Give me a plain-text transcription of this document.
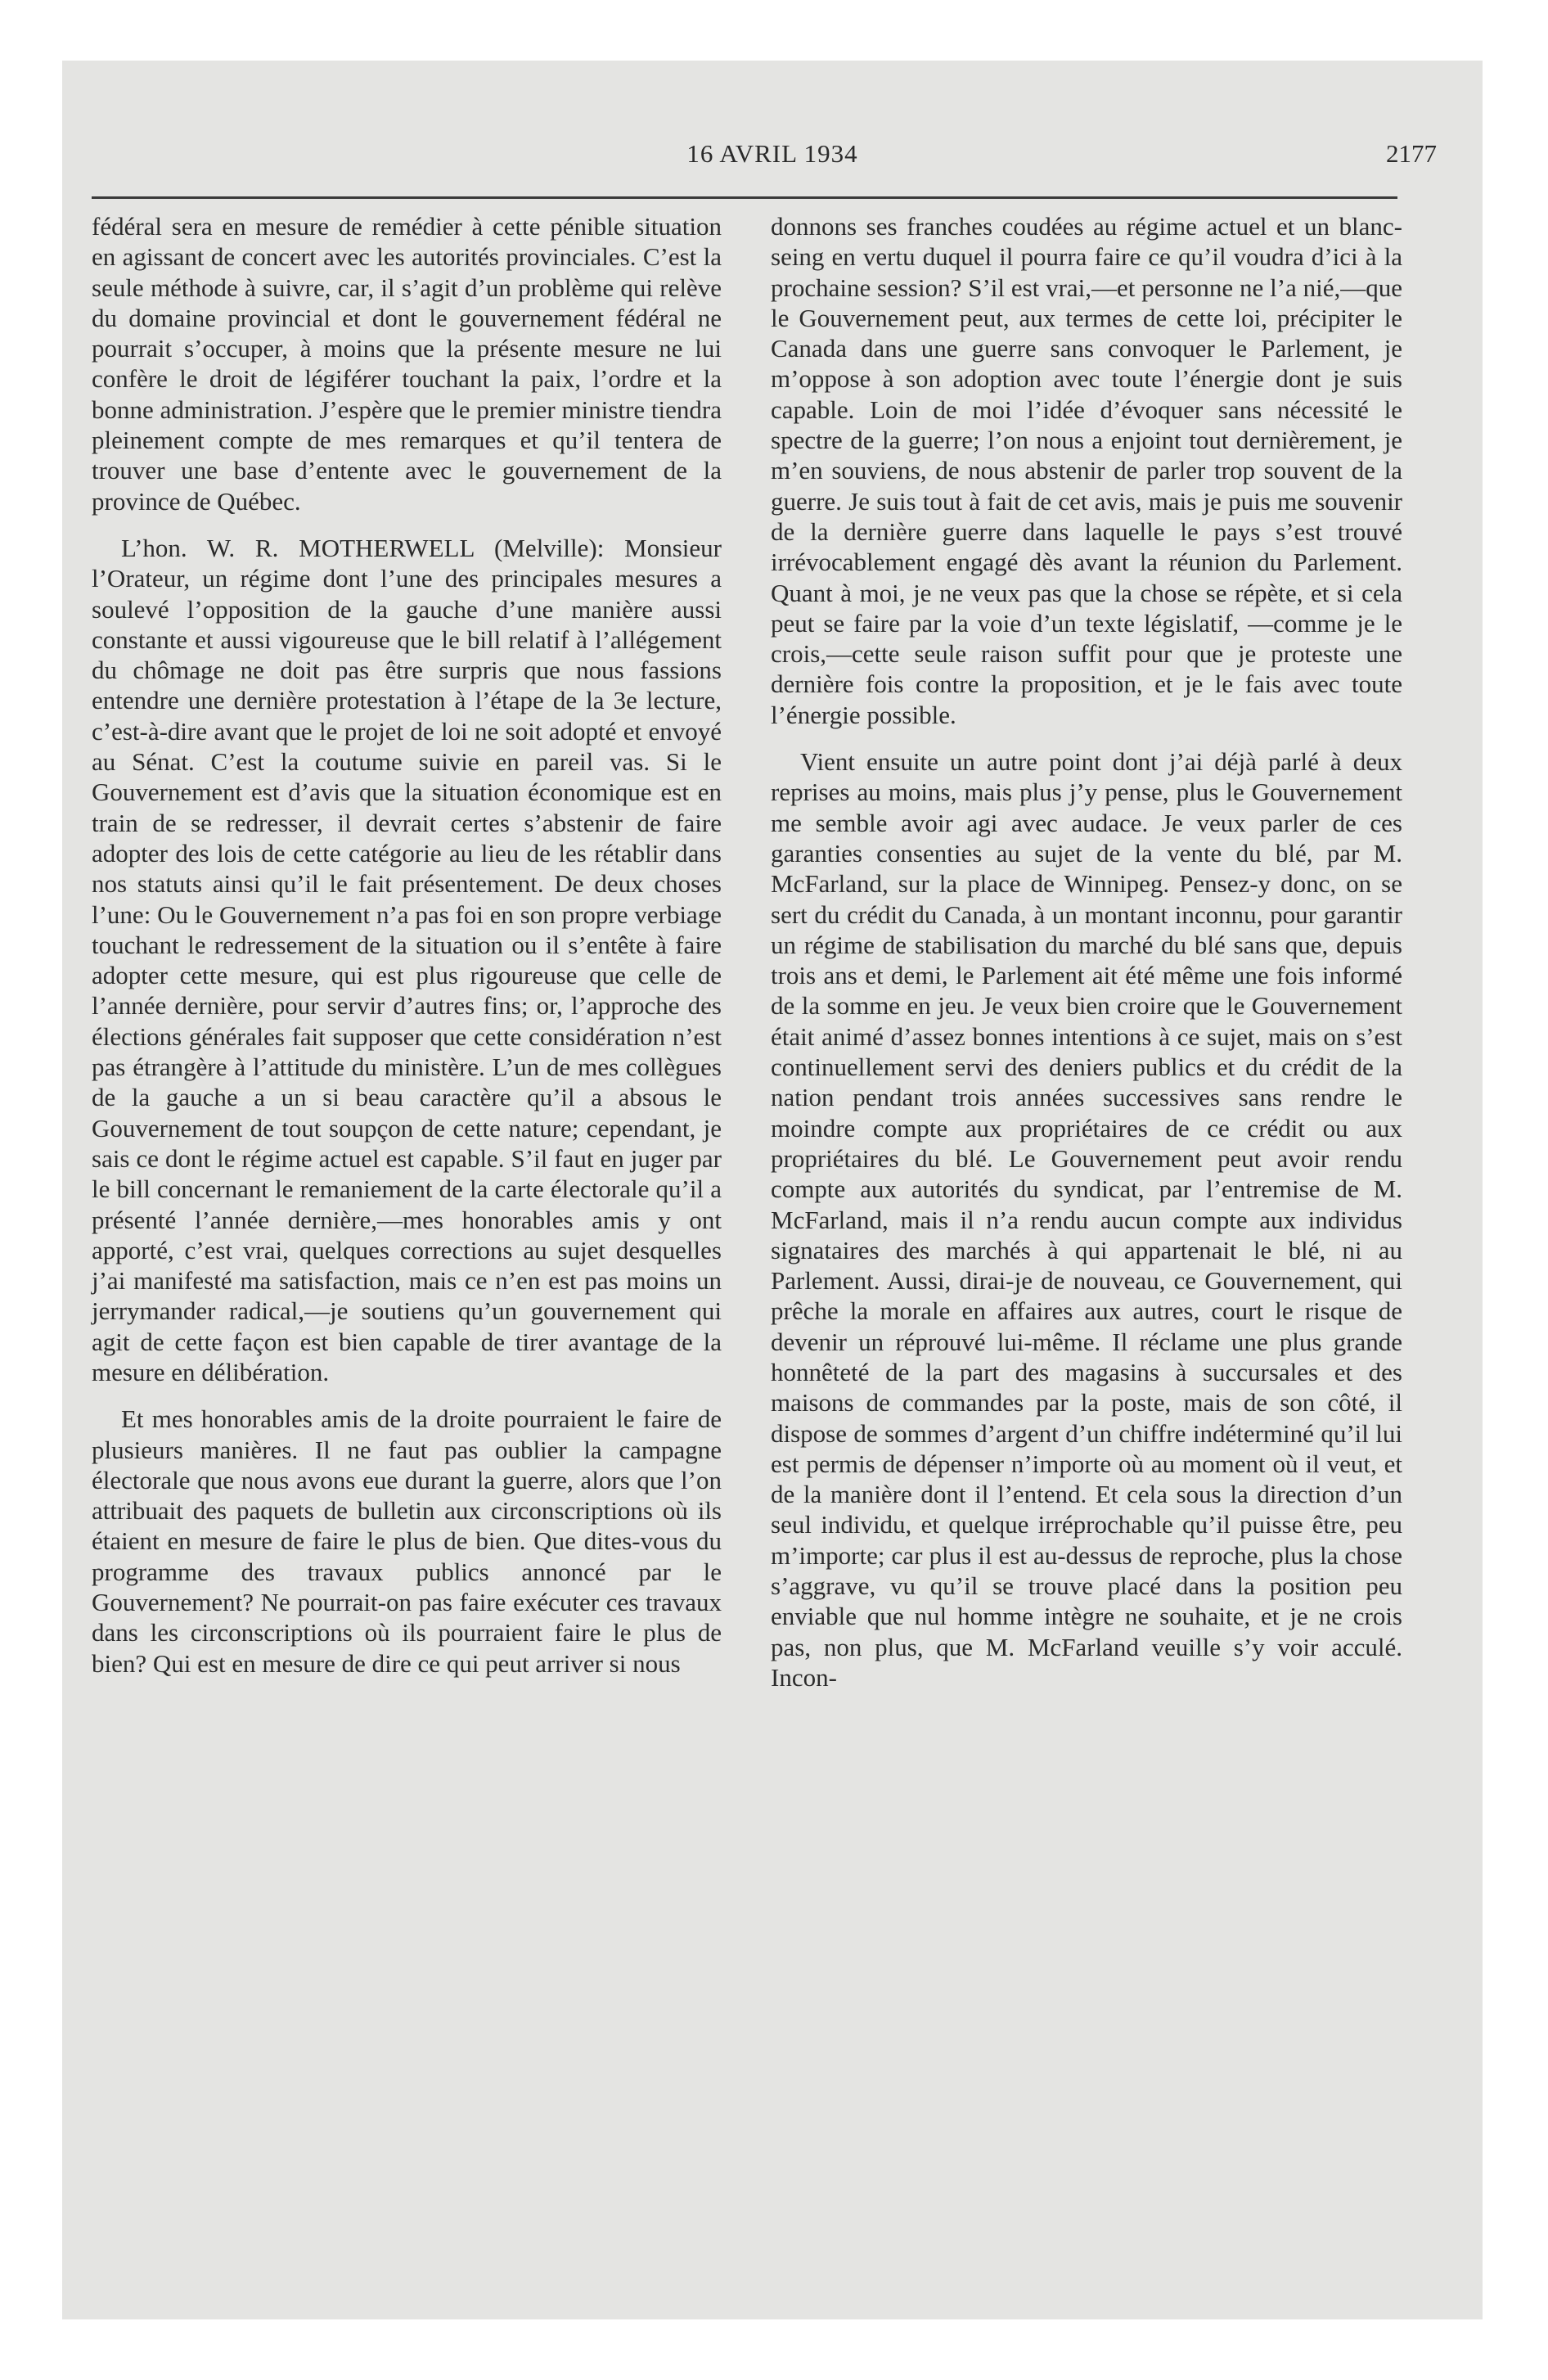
16 AVRIL 1934	2177

fédéral sera en mesure de remédier à cette pénible situation en agissant de concert avec les autorités provinciales. C’est la seule méthode à suivre, car, il s’agit d’un problème qui relève du domaine provincial et dont le gouvernement fédéral ne pourrait s’occuper, à moins que la présente mesure ne lui confère le droit de légiférer touchant la paix, l’ordre et la bonne administration. J’espère que le premier ministre tiendra pleinement compte de mes remarques et qu’il tentera de trouver une base d’entente avec le gouvernement de la province de Québec.

L’hon. W. R. MOTHERWELL (Melville): Monsieur l’Orateur, un régime dont l’une des principales mesures a soulevé l’opposition de la gauche d’une manière aussi constante et aussi vigoureuse que le bill relatif à l’allégement du chômage ne doit pas être surpris que nous fassions entendre une dernière protestation à l’étape de la 3e lecture, c’est-à-dire avant que le projet de loi ne soit adopté et envoyé au Sénat. C’est la coutume suivie en pareil vas. Si le Gouvernement est d’avis que la situation économique est en train de se redresser, il devrait certes s’abstenir de faire adopter des lois de cette catégorie au lieu de les rétablir dans nos statuts ainsi qu’il le fait présentement. De deux choses l’une: Ou le Gouvernement n’a pas foi en son propre verbiage touchant le redressement de la situation ou il s’entête à faire adopter cette mesure, qui est plus rigoureuse que celle de l’année dernière, pour servir d’autres fins; or, l’approche des élections générales fait supposer que cette considération n’est pas étrangère à l’attitude du ministère. L’un de mes collègues de la gauche a un si beau caractère qu’il a absous le Gouvernement de tout soupçon de cette nature; cependant, je sais ce dont le régime actuel est capable. S’il faut en juger par le bill concernant le remaniement de la carte électorale qu’il a présenté l’année dernière,—mes honorables amis y ont apporté, c’est vrai, quelques corrections au sujet desquelles j’ai manifesté ma satisfaction, mais ce n’en est pas moins un jerrymander radical,—je soutiens qu’un gouvernement qui agit de cette façon est bien capable de tirer avantage de la mesure en délibération.

Et mes honorables amis de la droite pourraient le faire de plusieurs manières. Il ne faut pas oublier la campagne électorale que nous avons eue durant la guerre, alors que l’on attribuait des paquets de bulletin aux circonscriptions où ils étaient en mesure de faire le plus de bien. Que dites-vous du programme des travaux publics annoncé par le Gouvernement? Ne pourrait-on pas faire exécuter ces travaux dans les circonscriptions où ils pourraient faire le plus de bien? Qui est en mesure de dire ce qui peut arriver si nous

donnons ses franches coudées au régime actuel et un blanc-seing en vertu duquel il pourra faire ce qu’il voudra d’ici à la prochaine session? S’il est vrai,—et personne ne l’a nié,—que le Gouvernement peut, aux termes de cette loi, précipiter le Canada dans une guerre sans convoquer le Parlement, je m’oppose à son adoption avec toute l’énergie dont je suis capable. Loin de moi l’idée d’évoquer sans nécessité le spectre de la guerre; l’on nous a enjoint tout dernièrement, je m’en souviens, de nous abstenir de parler trop souvent de la guerre. Je suis tout à fait de cet avis, mais je puis me souvenir de la dernière guerre dans laquelle le pays s’est trouvé irrévocablement engagé dès avant la réunion du Parlement. Quant à moi, je ne veux pas que la chose se répète, et si cela peut se faire par la voie d’un texte législatif, —comme je le crois,—cette seule raison suffit pour que je proteste une dernière fois contre la proposition, et je le fais avec toute l’énergie possible.

Vient ensuite un autre point dont j’ai déjà parlé à deux reprises au moins, mais plus j’y pense, plus le Gouvernement me semble avoir agi avec audace. Je veux parler de ces garanties consenties au sujet de la vente du blé, par M. McFarland, sur la place de Winnipeg. Pensez-y donc, on se sert du crédit du Canada, à un montant inconnu, pour garantir un régime de stabilisation du marché du blé sans que, depuis trois ans et demi, le Parlement ait été même une fois informé de la somme en jeu. Je veux bien croire que le Gouvernement était animé d’assez bonnes intentions à ce sujet, mais on s’est continuellement servi des deniers publics et du crédit de la nation pendant trois années successives sans rendre le moindre compte aux propriétaires de ce crédit ou aux propriétaires du blé. Le Gouvernement peut avoir rendu compte aux autorités du syndicat, par l’entremise de M. McFarland, mais il n’a rendu aucun compte aux individus signataires des marchés à qui appartenait le blé, ni au Parlement. Aussi, dirai-je de nouveau, ce Gouvernement, qui prêche la morale en affaires aux autres, court le risque de devenir un réprouvé lui-même. Il réclame une plus grande honnêteté de la part des magasins à succursales et des maisons de commandes par la poste, mais de son côté, il dispose de sommes d’argent d’un chiffre indéterminé qu’il lui est permis de dépenser n’importe où au moment où il veut, et de la manière dont il l’entend. Et cela sous la direction d’un seul individu, et quelque irréprochable qu’il puisse être, peu m’importe; car plus il est au-dessus de reproche, plus la chose s’aggrave, vu qu’il se trouve placé dans la position peu enviable que nul homme intègre ne souhaite, et je ne crois pas, non plus, que M. McFarland veuille s’y voir acculé. Incon-
